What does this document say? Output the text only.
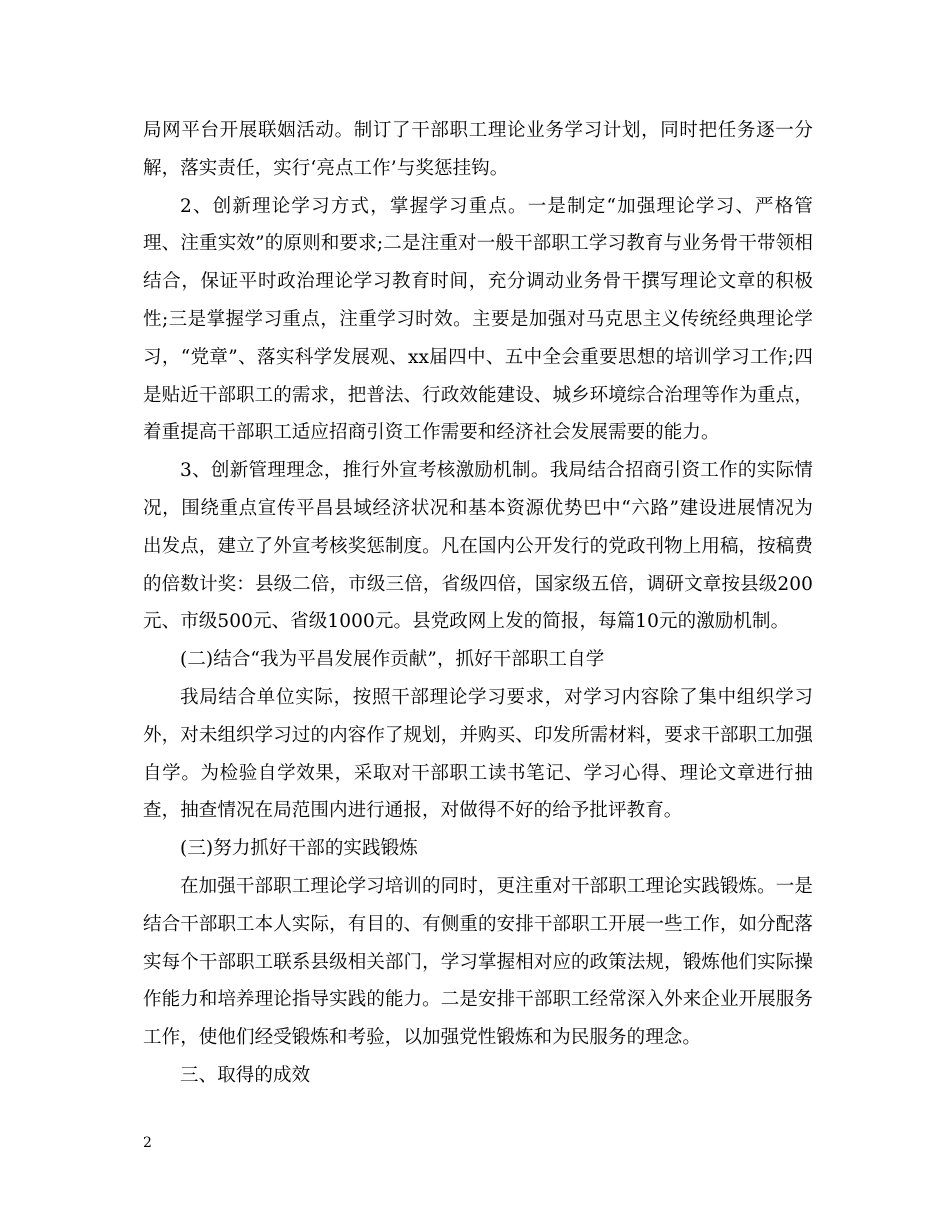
局网平台开展联姻活动。制订了干部职工理论业务学习计划，同时把任务逐一分解，落实责任，实行‘亮点工作’与奖惩挂钩。

2、创新理论学习方式，掌握学习重点。一是制定“加强理论学习、严格管理、注重实效”的原则和要求;二是注重对一般干部职工学习教育与业务骨干带领相结合，保证平时政治理论学习教育时间，充分调动业务骨干撰写理论文章的积极性;三是掌握学习重点，注重学习时效。主要是加强对马克思主义传统经典理论学习，“党章”、落实科学发展观、xx届四中、五中全会重要思想的培训学习工作;四是贴近干部职工的需求，把普法、行政效能建设、城乡环境综合治理等作为重点，着重提高干部职工适应招商引资工作需要和经济社会发展需要的能力。

3、创新管理理念，推行外宣考核激励机制。我局结合招商引资工作的实际情况，围绕重点宣传平昌县域经济状况和基本资源优势巴中“六路”建设进展情况为出发点，建立了外宣考核奖惩制度。凡在国内公开发行的党政刊物上用稿，按稿费的倍数计奖：县级二倍，市级三倍，省级四倍，国家级五倍，调研文章按县级200元、市级500元、省级1000元。县党政网上发的简报，每篇10元的激励机制。

(二)结合“我为平昌发展作贡献”，抓好干部职工自学

我局结合单位实际，按照干部理论学习要求，对学习内容除了集中组织学习外，对未组织学习过的内容作了规划，并购买、印发所需材料，要求干部职工加强自学。为检验自学效果，采取对干部职工读书笔记、学习心得、理论文章进行抽查，抽查情况在局范围内进行通报，对做得不好的给予批评教育。

(三)努力抓好干部的实践锻炼

在加强干部职工理论学习培训的同时，更注重对干部职工理论实践锻炼。一是结合干部职工本人实际，有目的、有侧重的安排干部职工开展一些工作，如分配落实每个干部职工联系县级相关部门，学习掌握相对应的政策法规，锻炼他们实际操作能力和培养理论指导实践的能力。二是安排干部职工经常深入外来企业开展服务工作，使他们经受锻炼和考验，以加强党性锻炼和为民服务的理念。

三、取得的成效

2
